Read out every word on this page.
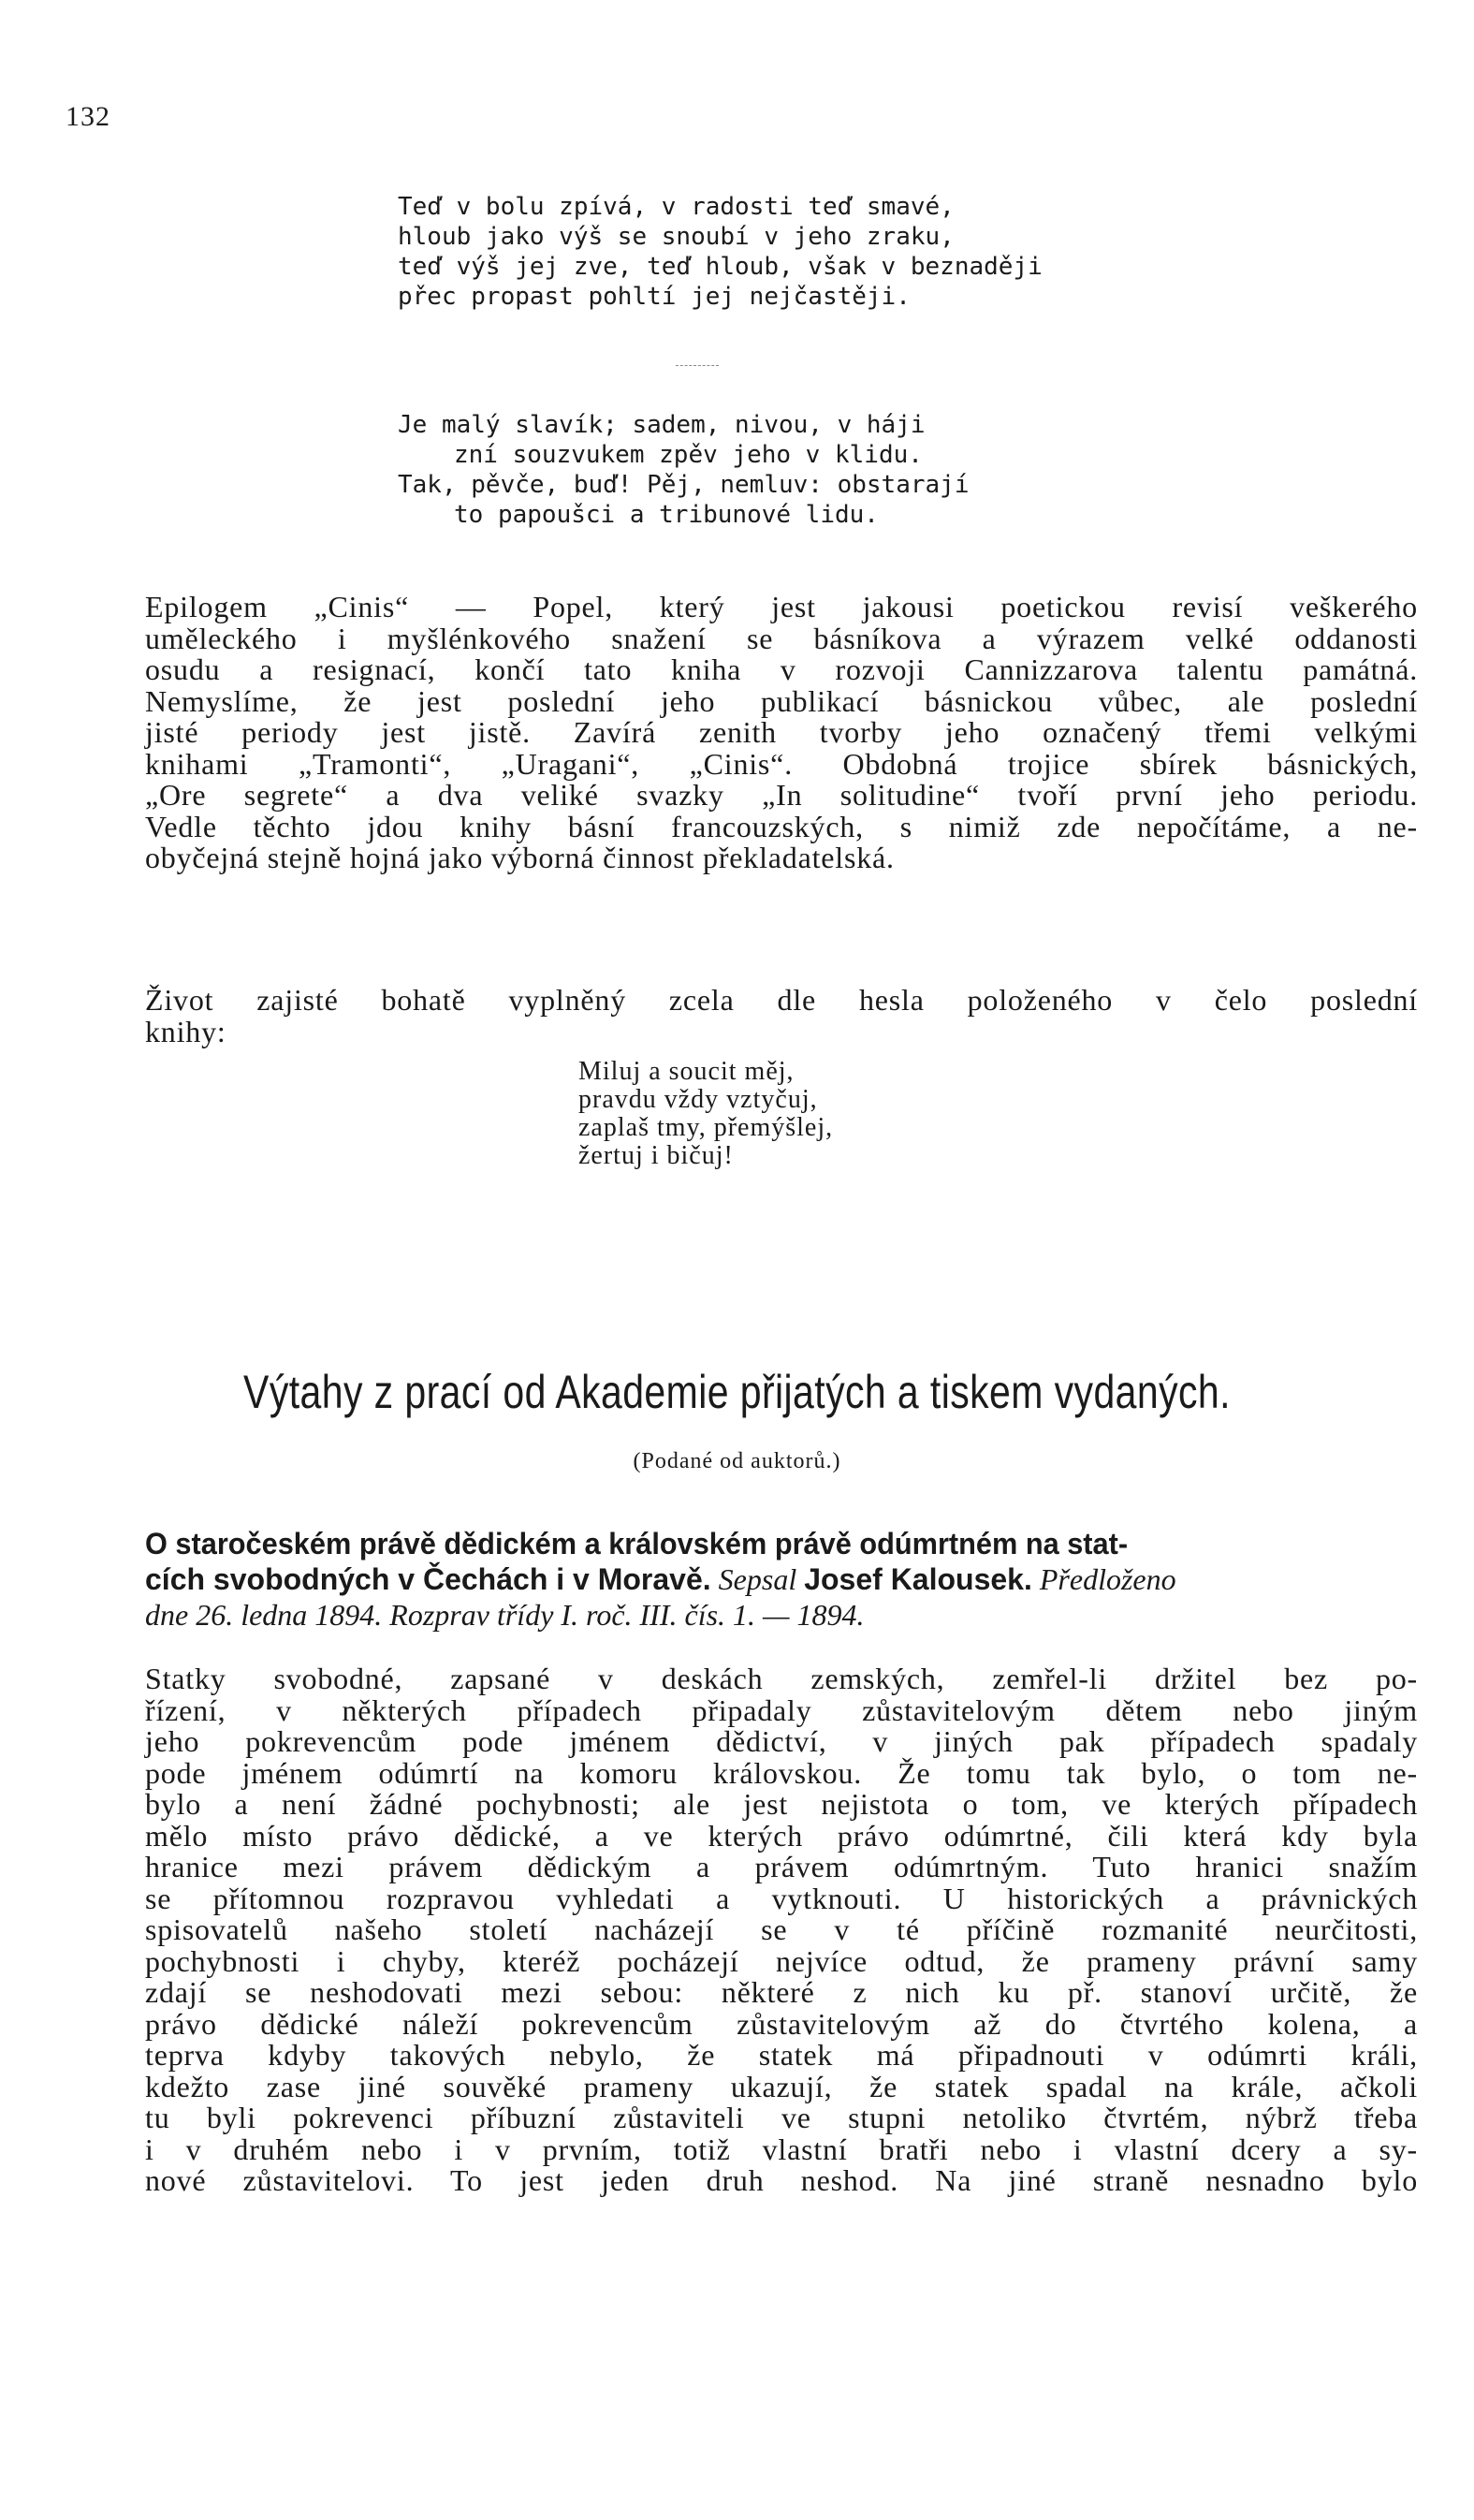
132
Teď v bolu zpívá, v radosti teď smavé,
hloub jako výš se snoubí v jeho zraku,
teď výš jej zve, teď hloub, však v beznaději
přec propast pohltí jej nejčastěji.
Je malý slavík; sadem, nivou, v háji
zní souzvukem zpěv jeho v klidu.
Tak, pěvče, buď! Pěj, nemluv: obstarají
to papoušci a tribunové lidu.
Epilogem „Cinis“ — Popel, který jest jakousi poetickou revisí veškerého
uměleckého i myšlénkového snažení se básníkova a výrazem velké oddanosti
osudu a resignací, končí tato kniha v rozvoji Cannizzarova talentu památná.
Nemyslíme, že jest poslední jeho publikací básnickou vůbec, ale poslední
jisté periody jest jistě. Zavírá zenith tvorby jeho označený třemi velkými
knihami „Tramonti“, „Uragani“, „Cinis“. Obdobná trojice sbírek básnických,
„Ore segrete“ a dva veliké svazky „In solitudine“ tvoří první jeho periodu.
Vedle těchto jdou knihy básní francouzských, s nimiž zde nepočítáme, a ne-
obyčejná stejně hojná jako výborná činnost překladatelská.
Život zajisté bohatě vyplněný zcela dle hesla položeného v čelo poslední
knihy:
Miluj a soucit měj,
pravdu vždy vztyčuj,
zaplaš tmy, přemýšlej,
žertuj i bičuj!
Výtahy z prací od Akademie přijatých a tiskem vydaných.
(Podané od auktorů.)
O staročeském právě dědickém a královském právě odúmrtném na stat-
cích svobodných v Čechách i v Moravě. Sepsal Josef Kalousek. Předloženo
dne 26. ledna 1894. Rozprav třídy I. roč. III. čís. 1. — 1894.
Statky svobodné, zapsané v deskách zemských, zemřel-li držitel bez po-
řízení, v některých případech připadaly zůstavitelovým dětem nebo jiným
jeho pokrevencům pode jménem dědictví, v jiných pak případech spadaly
pode jménem odúmrtí na komoru královskou. Že tomu tak bylo, o tom ne-
bylo a není žádné pochybnosti; ale jest nejistota o tom, ve kterých případech
mělo místo právo dědické, a ve kterých právo odúmrtné, čili která kdy byla
hranice mezi právem dědickým a právem odúmrtným. Tuto hranici snažím
se přítomnou rozpravou vyhledati a vytknouti. U historických a právnických
spisovatelů našeho století nacházejí se v té příčině rozmanité neurčitosti,
pochybnosti i chyby, kteréž pocházejí nejvíce odtud, že prameny právní samy
zdají se neshodovati mezi sebou: některé z nich ku př. stanoví určitě, že
právo dědické náleží pokrevencům zůstavitelovým až do čtvrtého kolena, a
teprva kdyby takových nebylo, že statek má připadnouti v odúmrti králi,
kdežto zase jiné souvěké prameny ukazují, že statek spadal na krále, ačkoli
tu byli pokrevenci příbuzní zůstaviteli ve stupni netoliko čtvrtém, nýbrž třeba
i v druhém nebo i v prvním, totiž vlastní bratři nebo i vlastní dcery a sy-
nové zůstavitelovi. To jest jeden druh neshod. Na jiné straně nesnadno bylo
